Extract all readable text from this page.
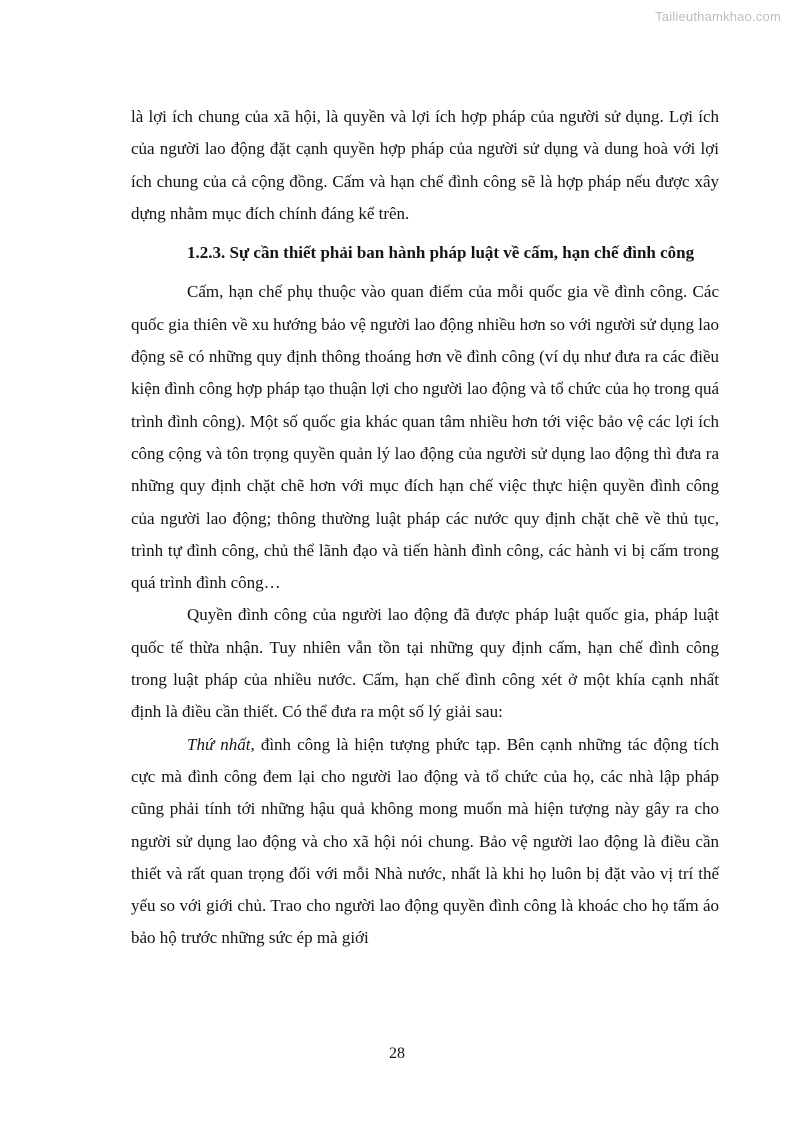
Tailieuthamkhao.com

là lợi ích chung của xã hội, là quyền và lợi ích hợp pháp của người sử dụng. Lợi ích của người lao động đặt cạnh quyền hợp pháp của người sử dụng và dung hoà với lợi ích chung của cả cộng đồng. Cấm và hạn chế đình công sẽ là hợp pháp nếu được xây dựng nhằm mục đích chính đáng kể trên.

1.2.3. Sự cần thiết phải ban hành pháp luật về cấm, hạn chế đình công

Cấm, hạn chế phụ thuộc vào quan điểm của mỗi quốc gia về đình công. Các quốc gia thiên về xu hướng bảo vệ người lao động nhiều hơn so với người sử dụng lao động sẽ có những quy định thông thoáng hơn về đình công (ví dụ như đưa ra các điều kiện đình công hợp pháp tạo thuận lợi cho người lao động và tổ chức của họ trong quá trình đình công). Một số quốc gia khác quan tâm nhiều hơn tới việc bảo vệ các lợi ích công cộng và tôn trọng quyền quản lý lao động của người sử dụng lao động thì đưa ra những quy định chặt chẽ hơn với mục đích hạn chế việc thực hiện quyền đình công của người lao động; thông thường luật pháp các nước quy định chặt chẽ về thủ tục, trình tự đình công, chủ thể lãnh đạo và tiến hành đình công, các hành vi bị cấm trong quá trình đình công…

Quyền đình công của người lao động đã được pháp luật quốc gia, pháp luật quốc tế thừa nhận. Tuy nhiên vẫn tồn tại những quy định cấm, hạn chế đình công trong luật pháp của nhiều nước. Cấm, hạn chế đình công xét ở một khía cạnh nhất định là điều cần thiết. Có thể đưa ra một số lý giải sau:

Thứ nhất, đình công là hiện tượng phức tạp. Bên cạnh những tác động tích cực mà đình công đem lại cho người lao động và tổ chức của họ, các nhà lập pháp cũng phải tính tới những hậu quả không mong muốn mà hiện tượng này gây ra cho người sử dụng lao động và cho xã hội nói chung. Bảo vệ người lao động là điều cần thiết và rất quan trọng đối với mỗi Nhà nước, nhất là khi họ luôn bị đặt vào vị trí thế yếu so với giới chủ. Trao cho người lao động quyền đình công là khoác cho họ tấm áo bảo hộ trước những sức ép mà giới

28
